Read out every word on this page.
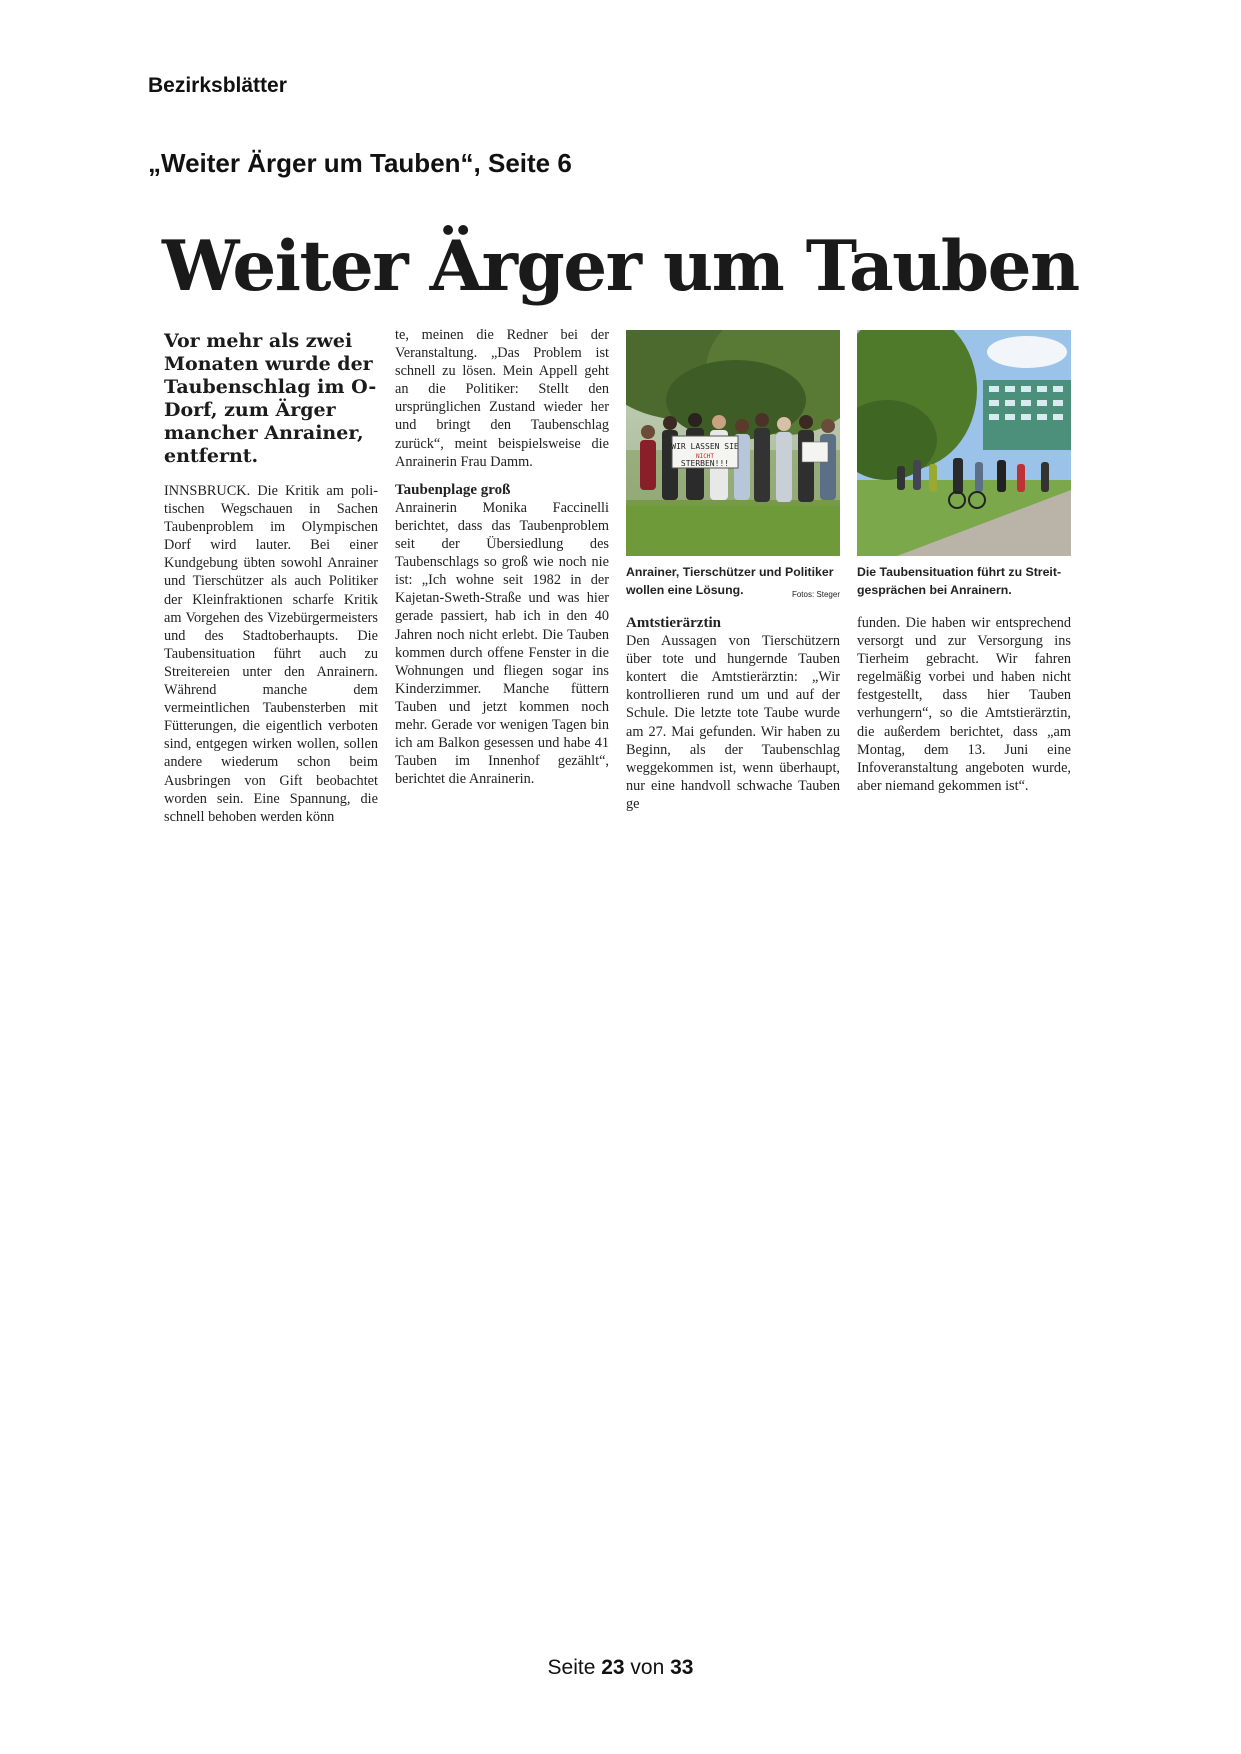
Bezirksblätter
„Weiter Ärger um Tauben“, Seite 6
Weiter Ärger um Tauben

Vor mehr als zwei Monaten wurde der Taubenschlag im O-Dorf, zum Ärger mancher Anrainer, entfernt.

INNSBRUCK. Die Kritik am politischen Wegschauen in Sachen Taubenproblem im Olympischen Dorf wird lauter. Bei einer Kundgebung übten sowohl Anrainer und Tierschützer als auch Politiker der Kleinfraktionen scharfe Kritik am Vorgehen des Vizebürgermeisters und des Stadtoberhaupts. Die Taubensituation führt auch zu Streitereien unter den Anrainern. Während manche dem vermeintlichen Taubensterben mit Fütterungen, die eigentlich verboten sind, entgegen wirken wollen, sollen andere wiederum schon beim Ausbringen von Gift beobachtet worden sein. Eine Spannung, die schnell behoben werden könn

te, meinen die Redner bei der Veranstaltung. „Das Problem ist schnell zu lösen. Mein Appell geht an die Politiker: Stellt den ursprünglichen Zustand wieder her und bringt den Taubenschlag zurück“, meint beispielsweise die Anrainerin Frau Damm.

Taubenplage groß

Anrainerin Monika Faccinelli berichtet, dass das Taubenproblem seit der Übersiedlung des Taubenschlags so groß wie noch nie ist: „Ich wohne seit 1982 in der Kajetan-Sweth-Straße und was hier gerade passiert, hab ich in den 40 Jahren noch nicht erlebt. Die Tauben kommen durch offene Fenster in die Wohnungen und fliegen sogar ins Kinderzimmer. Manche füttern Tauben und jetzt kommen noch mehr. Gerade vor wenigen Tagen bin ich am Balkon gesessen und habe 41 Tauben im Innenhof gezählt“, berichtet die Anrainerin.

WIR LASSEN SIE
NICHT
STERBEN!!!
Anrainer, Tierschützer und Politiker wollen eine Lösung.	Fotos: Steger
Die Taubensituation führt zu Streitgesprächen bei Anrainern.

Amtstierärztin

Den Aussagen von Tierschützern über tote und hungernde Tauben kontert die Amtstierärztin: „Wir kontrollieren rund um und auf der Schule. Die letzte tote Taube wurde am 27. Mai gefunden. Wir haben zu Beginn, als der Taubenschlag weggekommen ist, wenn überhaupt, nur eine handvoll schwache Tauben ge

funden. Die haben wir entsprechend versorgt und zur Versorgung ins Tierheim gebracht. Wir fahren regelmäßig vorbei und haben nicht festgestellt, dass hier Tauben verhungern“, so die Amtstierärztin, die außerdem berichtet, dass „am Montag, dem 13. Juni eine Infoveranstaltung angeboten wurde, aber niemand gekommen ist“.

Seite 23 von 33
